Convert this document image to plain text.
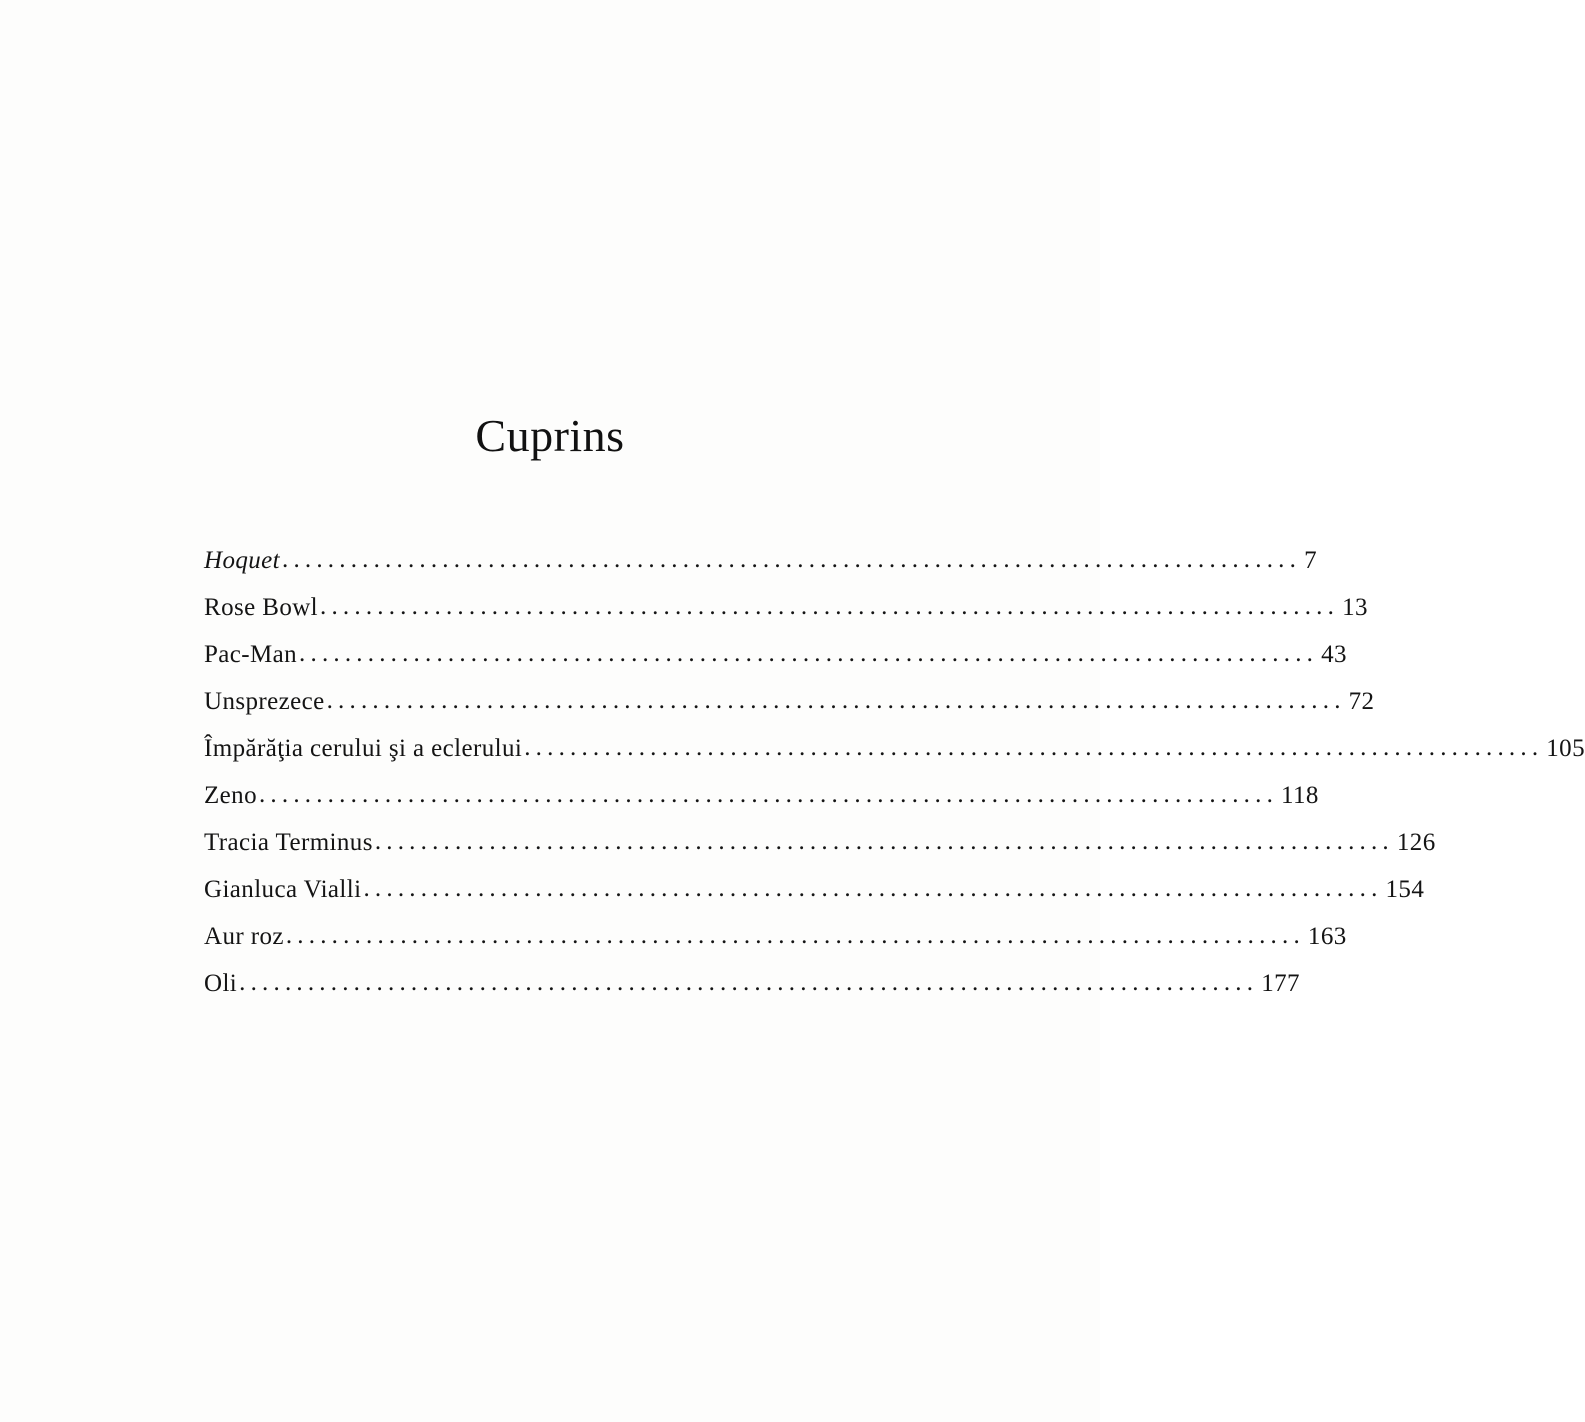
Cuprins
Hoquet ......................................................................................... 7
Rose Bowl ......................................................................................... 13
Pac-Man ......................................................................................... 43
Unsprezece ......................................................................................... 72
Împărăţia cerului şi a eclerului ......................................................................................... 105
Zeno ......................................................................................... 118
Tracia Terminus ......................................................................................... 126
Gianluca Vialli ......................................................................................... 154
Aur roz ......................................................................................... 163
Oli ......................................................................................... 177
